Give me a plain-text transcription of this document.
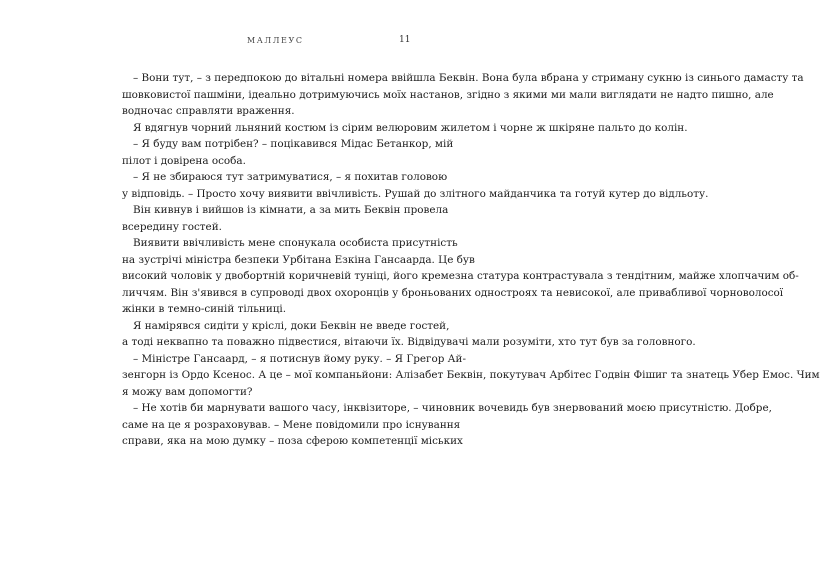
МАЛЛЕУС	11
– Вони тут, – з передпокою до вітальні номера ввійшла Беквін. Вона була вбрана у стриману сукню із синього дамасту та
шовковистої пашміни, ідеально дотримуючись моїх настанов, згідно з якими ми мали виглядати не надто пишно, але
водночас справляти враження.
Я вдягнув чорний льняний костюм із сірим велюровим жилетом і чорне ж шкіряне пальто до колін.
– Я буду вам потрібен? – поцікавився Мідас Бетанкор, мій
пілот і довірена особа.
– Я не збираюся тут затримуватися, – я похитав головою
у відповідь. – Просто хочу виявити ввічливість. Рушай до злітного майданчика та готуй кутер до відльоту.
Він кивнув і вийшов із кімнати, а за мить Беквін провела
всередину гостей.
Виявити ввічливість мене спонукала особиста присутність
на зустрічі міністра безпеки Урбітана Езкіна Гансаарда. Це був
високий чоловік у двобортній коричневій туніці, його кремезна статура контрастувала з тендітним, майже хлопчачим об-
личчям. Він з'явився в супроводі двох охоронців у броньованих одностроях та невисокої, але привабливої чорноволосої
жінки в темно-синій тільниці.
Я намірявся сидіти у кріслі, доки Беквін не введе гостей,
а тоді неквапно та поважно підвестися, вітаючи їх. Відвідувачі мали розуміти, хто тут був за головного.
– Міністре Гансаард, – я потиснув йому руку. – Я Грегор Ай-
зенгорн із Ордо Ксенос. А це – мої компаньйони: Алізабет Беквін, покутувач Арбітес Годвін Фішиг та знатець Убер Емос. Чим
я можу вам допомогти?
– Не хотів би марнувати вашого часу, інквізиторе, – чиновник вочевидь був знервований моєю присутністю. Добре,
саме на це я розраховував. – Мене повідомили про існування
справи, яка на мою думку – поза сферою компетенції міських
